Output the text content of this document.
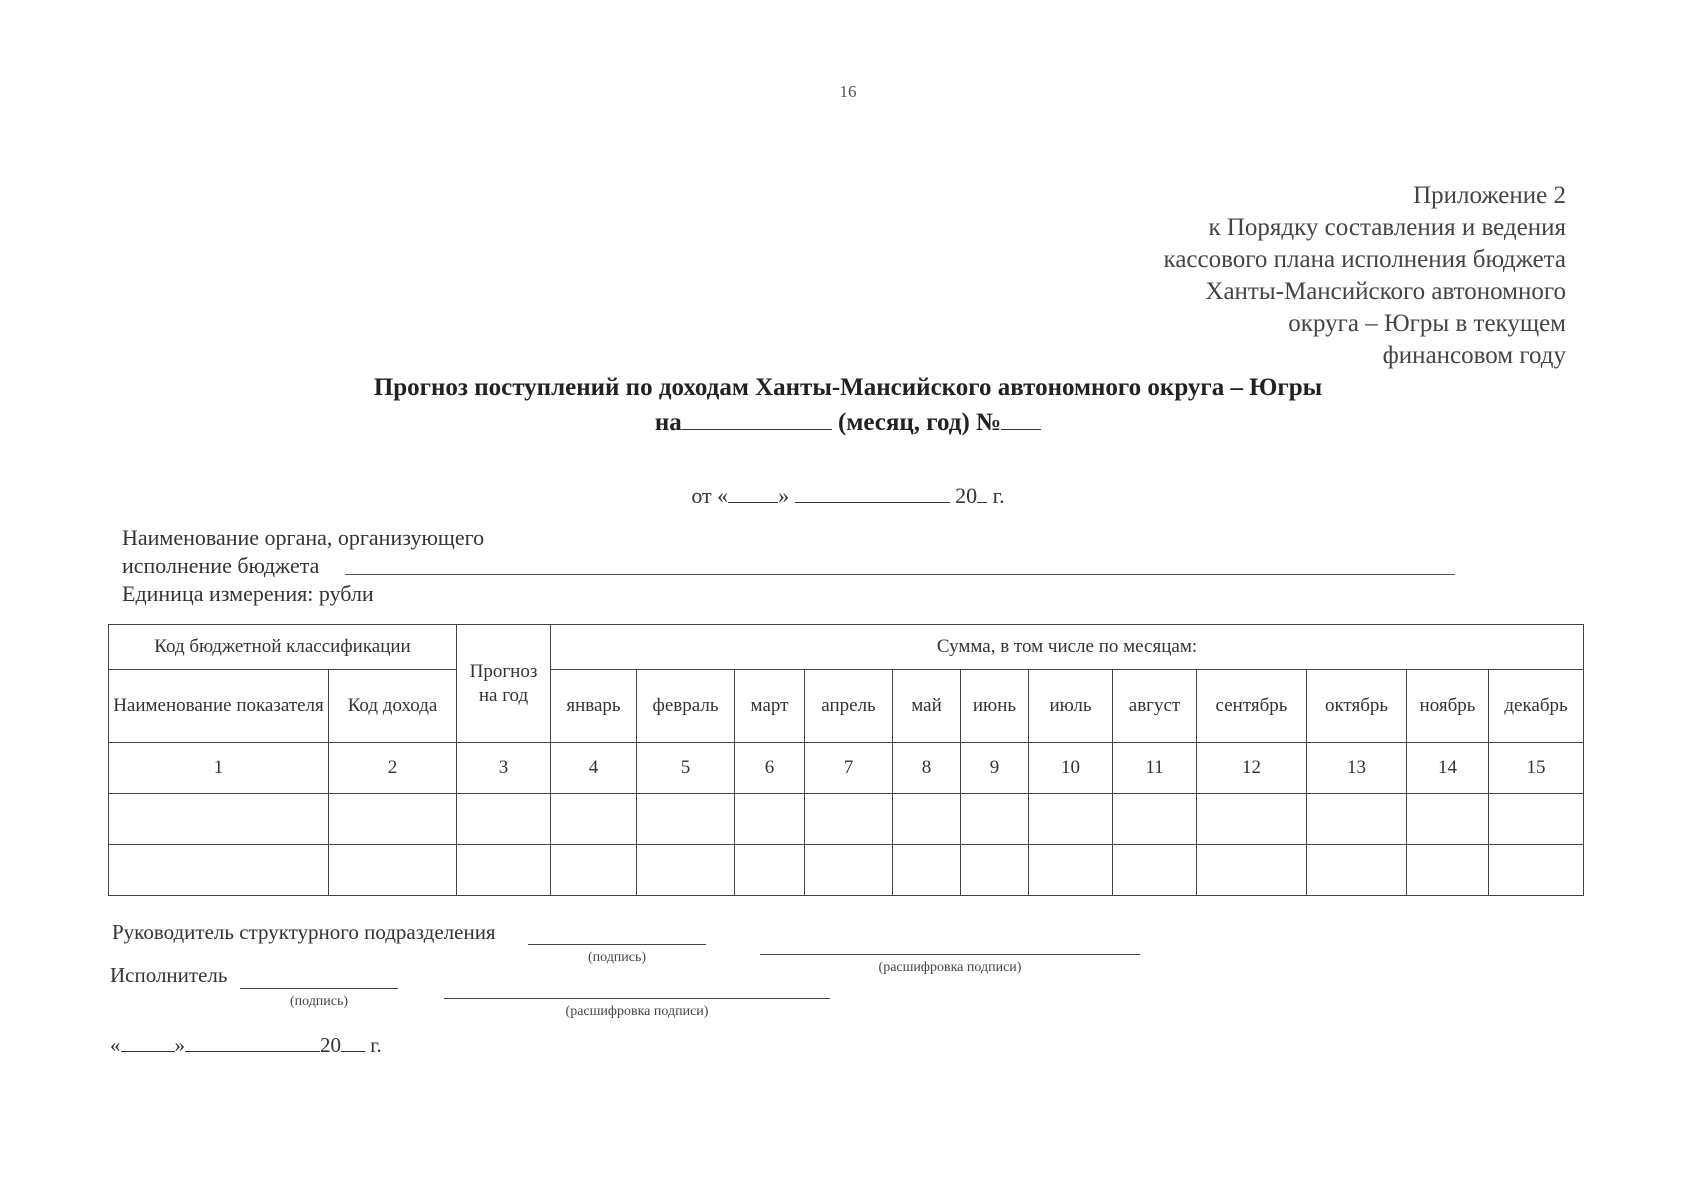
16
Приложение 2
к Порядку составления и ведения
кассового плана исполнения бюджета
Ханты-Мансийского автономного
округа – Югры в текущем
финансовом году
Прогноз поступлений по доходам Ханты-Мансийского автономного округа – Югры
на	(месяц, год) №
от « »	20 г.
Наименование органа, организующего
исполнение бюджета
Единица измерения: рубли
Код бюджетной классификации		Прогноз на год	Сумма, в том числе по месяцам:											
Наименование показателя	Код дохода		январь	февраль	март	апрель	май	июнь	июль	август	сентябрь	октябрь	ноябрь	декабрь
1	2	3	4	5	6	7	8	9	10	11	12	13	14	15

Руководитель структурного подразделения
(подпись)
(расшифровка подписи)
Исполнитель
(подпись)
(расшифровка подписи)
«	»	20 г.
